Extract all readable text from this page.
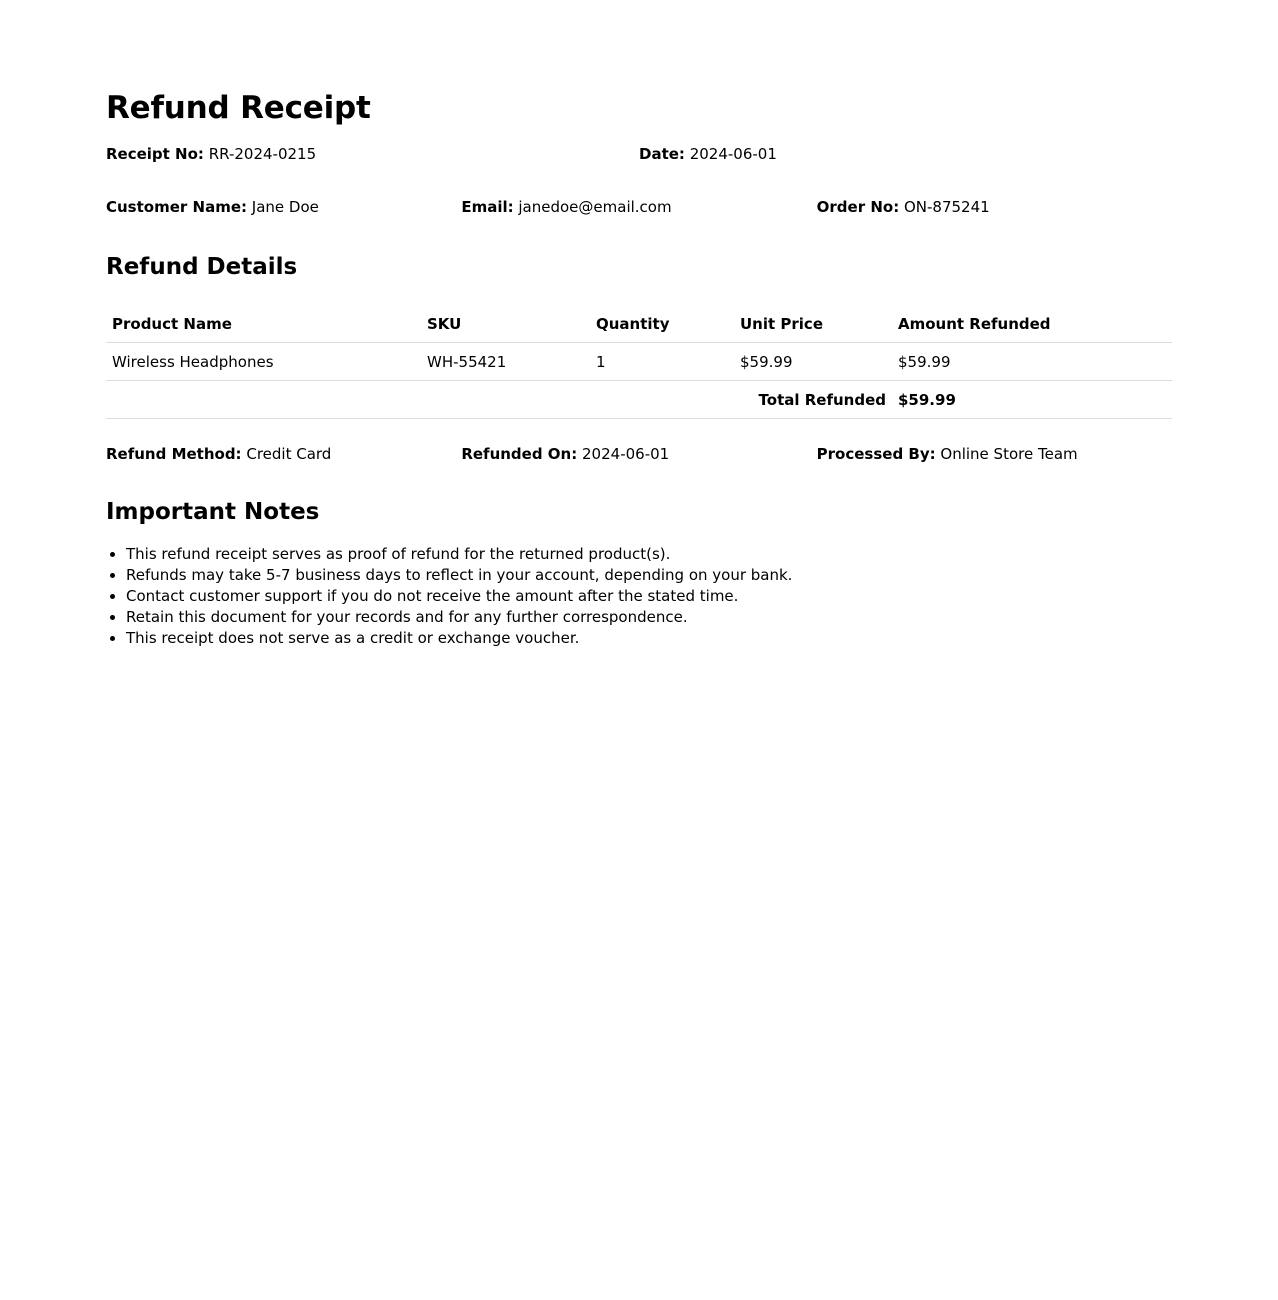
Refund Receipt
Receipt No: RR-2024-0215	Date: 2024-06-01
Customer Name: Jane Doe	Email: janedoe@email.com	Order No: ON-875241
Refund Details
Product Name	SKU	Quantity	Unit Price	Amount Refunded
Wireless Headphones	WH-55421	1	$59.99	$59.99
Total Refunded				$59.99
Refund Method: Credit Card	Refunded On: 2024-06-01	Processed By: Online Store Team
Important Notes
• This refund receipt serves as proof of refund for the returned product(s).
• Refunds may take 5-7 business days to reflect in your account, depending on your bank.
• Contact customer support if you do not receive the amount after the stated time.
• Retain this document for your records and for any further correspondence.
• This receipt does not serve as a credit or exchange voucher.
